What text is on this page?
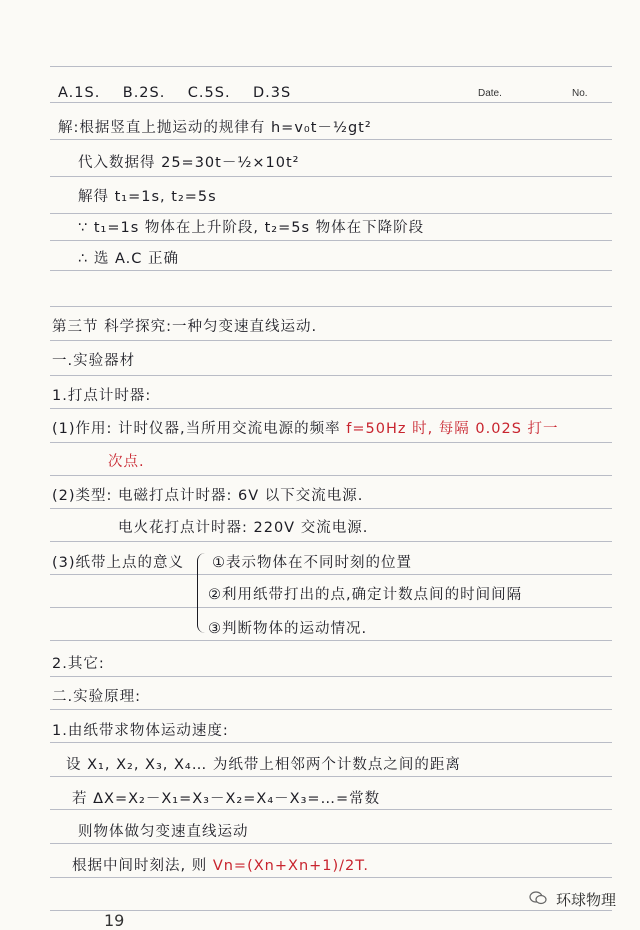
Date.	No.
A.1S.    B.2S.    C.5S.    D.3S
解:根据竖直上抛运动的规律有 h=v₀t－½gt²
代入数据得 25=30t－½×10t²
解得 t₁=1s, t₂=5s
∵ t₁=1s 物体在上升阶段, t₂=5s 物体在下降阶段
∴ 选 A.C 正确
第三节 科学探究:一种匀变速直线运动.
一.实验器材
1.打点计时器:
(1)作用: 计时仪器,当所用交流电源的频率 f=50Hz 时, 每隔 0.02S 打一
次点.
(2)类型: 电磁打点计时器: 6V 以下交流电源.
电火花打点计时器: 220V 交流电源.
(3)纸带上点的意义 ①表示物体在不同时刻的位置
②利用纸带打出的点,确定计数点间的时间间隔
③判断物体的运动情况.
2.其它:
二.实验原理:
1.由纸带求物体运动速度:
设 X₁, X₂, X₃, X₄… 为纸带上相邻两个计数点之间的距离
若 ΔX=X₂－X₁=X₃－X₂=X₄－X₃=…=常数
则物体做匀变速直线运动
根据中间时刻法, 则 Vn=(Xn+Xn+1)/2T.
环球物理
19
